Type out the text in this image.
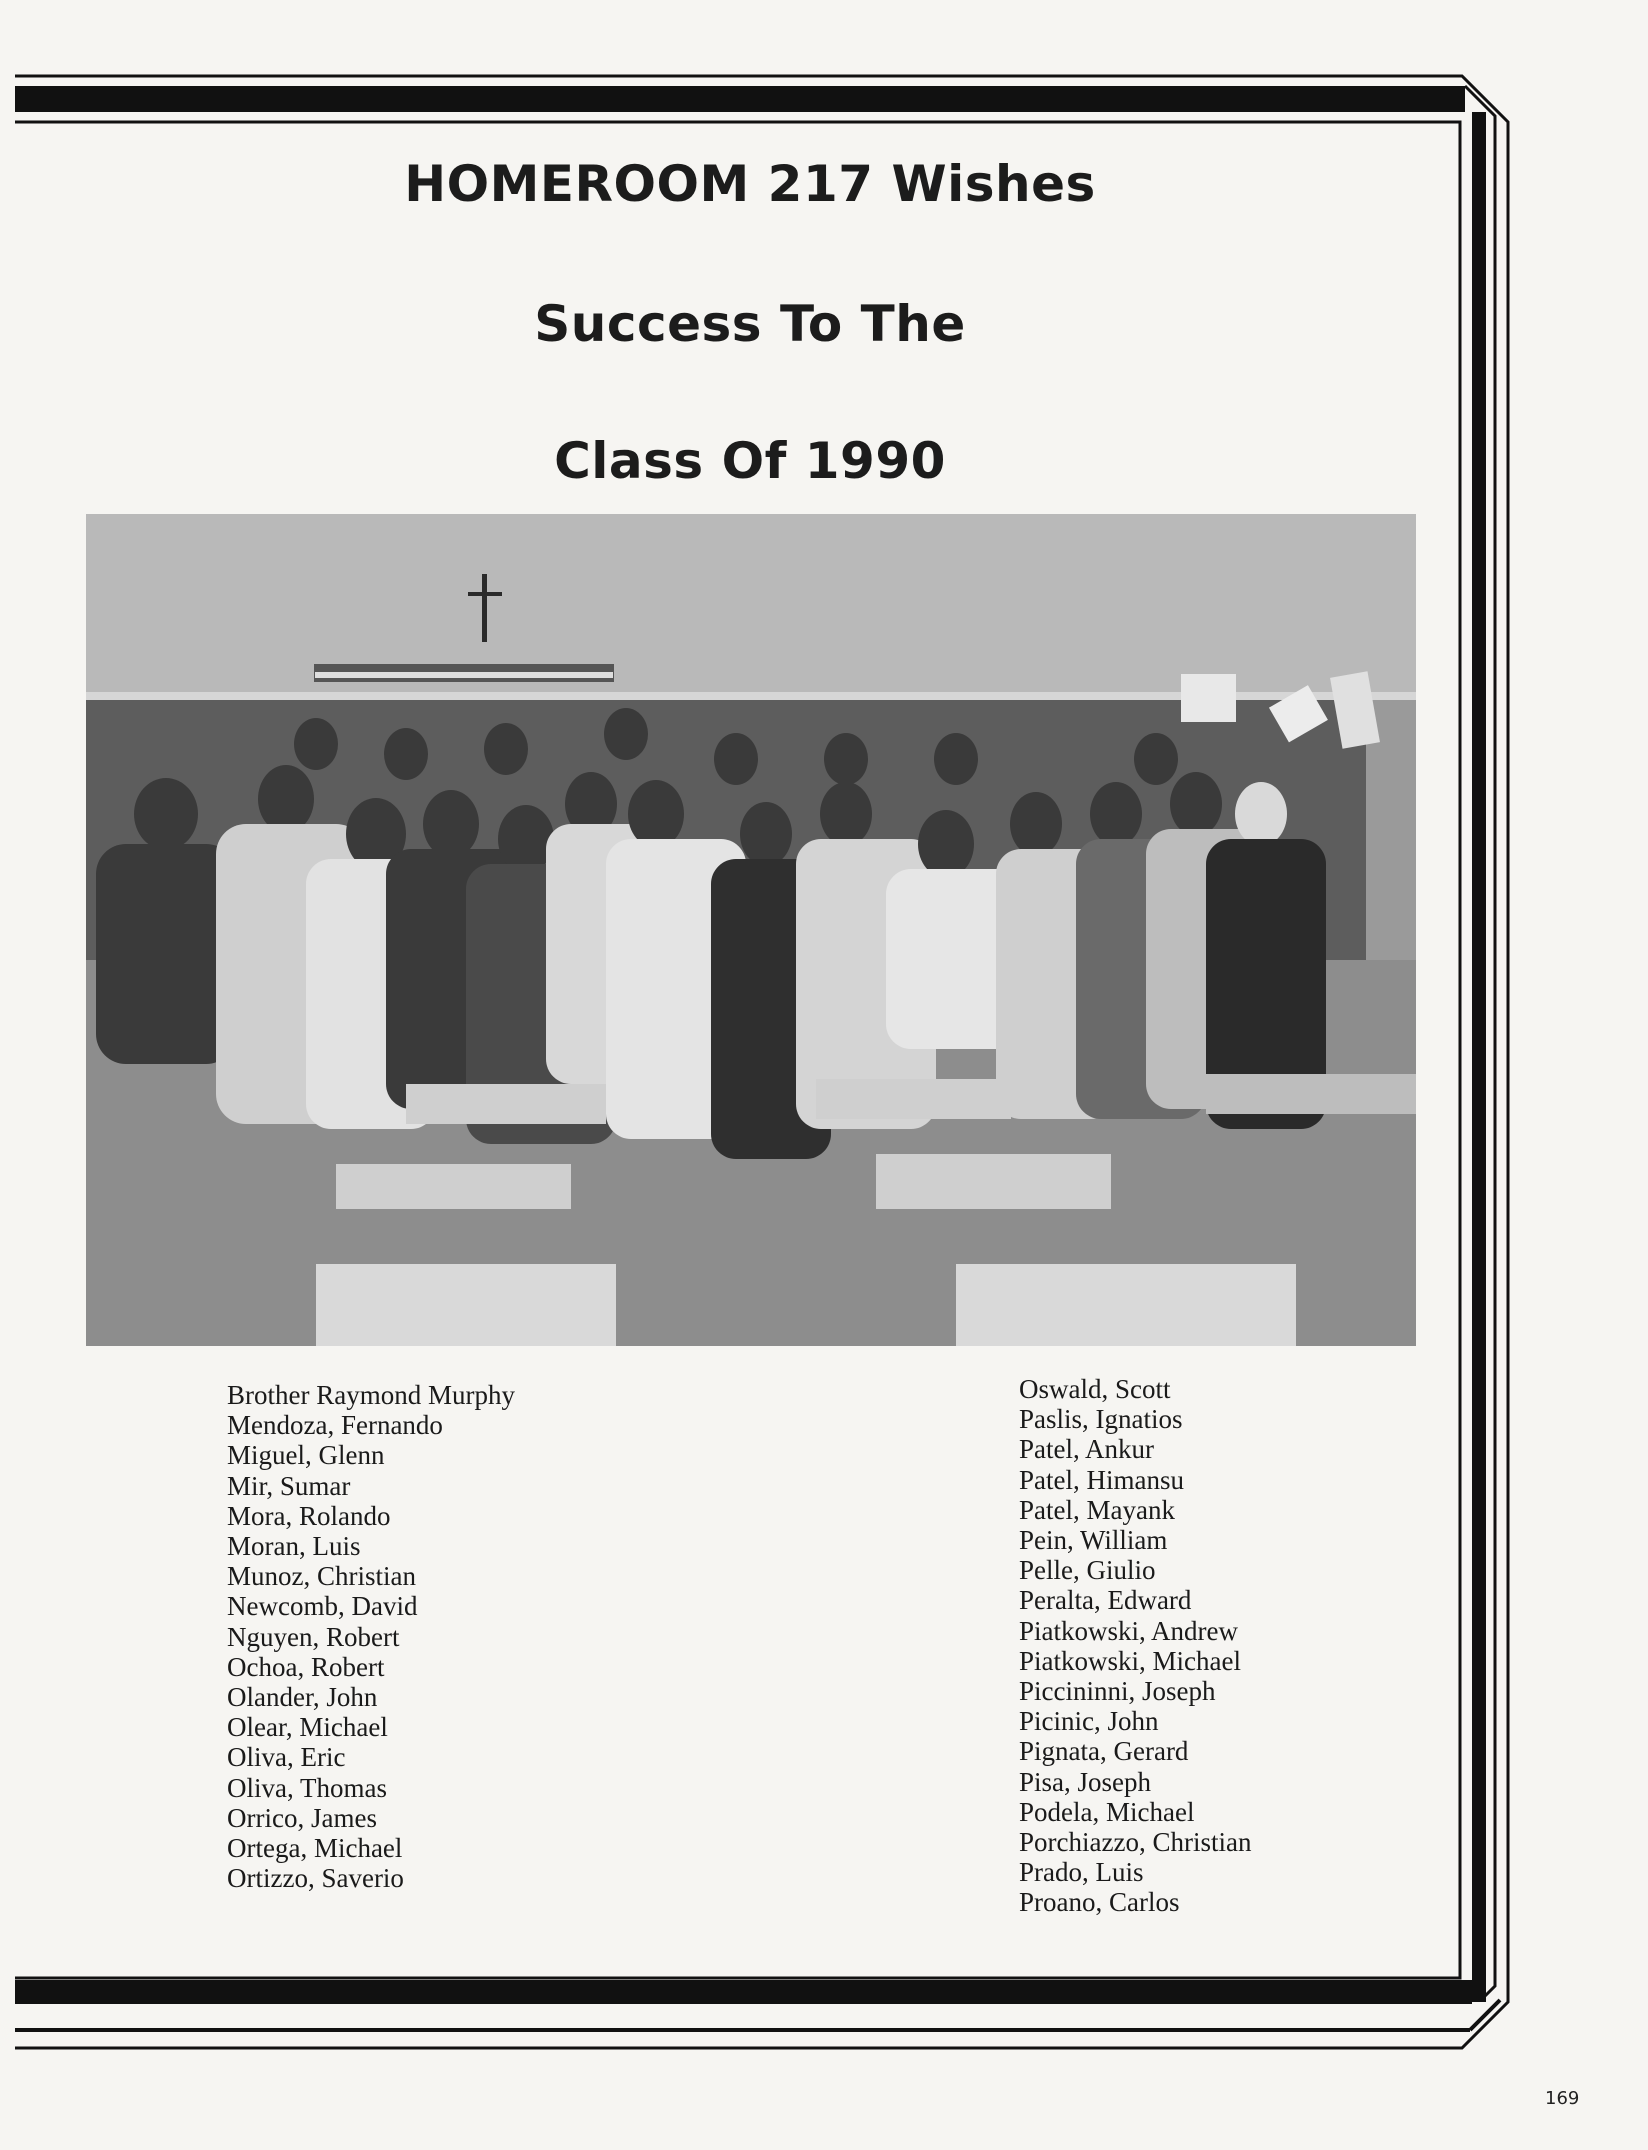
HOMEROOM 217 Wishes
Success To The
Class Of 1990
Brother Raymond Murphy
Mendoza, Fernando
Miguel, Glenn
Mir, Sumar
Mora, Rolando
Moran, Luis
Munoz, Christian
Newcomb, David
Nguyen, Robert
Ochoa, Robert
Olander, John
Olear, Michael
Oliva, Eric
Oliva, Thomas
Orrico, James
Ortega, Michael
Ortizzo, Saverio
Oswald, Scott
Paslis, Ignatios
Patel, Ankur
Patel, Himansu
Patel, Mayank
Pein, William
Pelle, Giulio
Peralta, Edward
Piatkowski, Andrew
Piatkowski, Michael
Piccininni, Joseph
Picinic, John
Pignata, Gerard
Pisa, Joseph
Podela, Michael
Porchiazzo, Christian
Prado, Luis
Proano, Carlos
169
